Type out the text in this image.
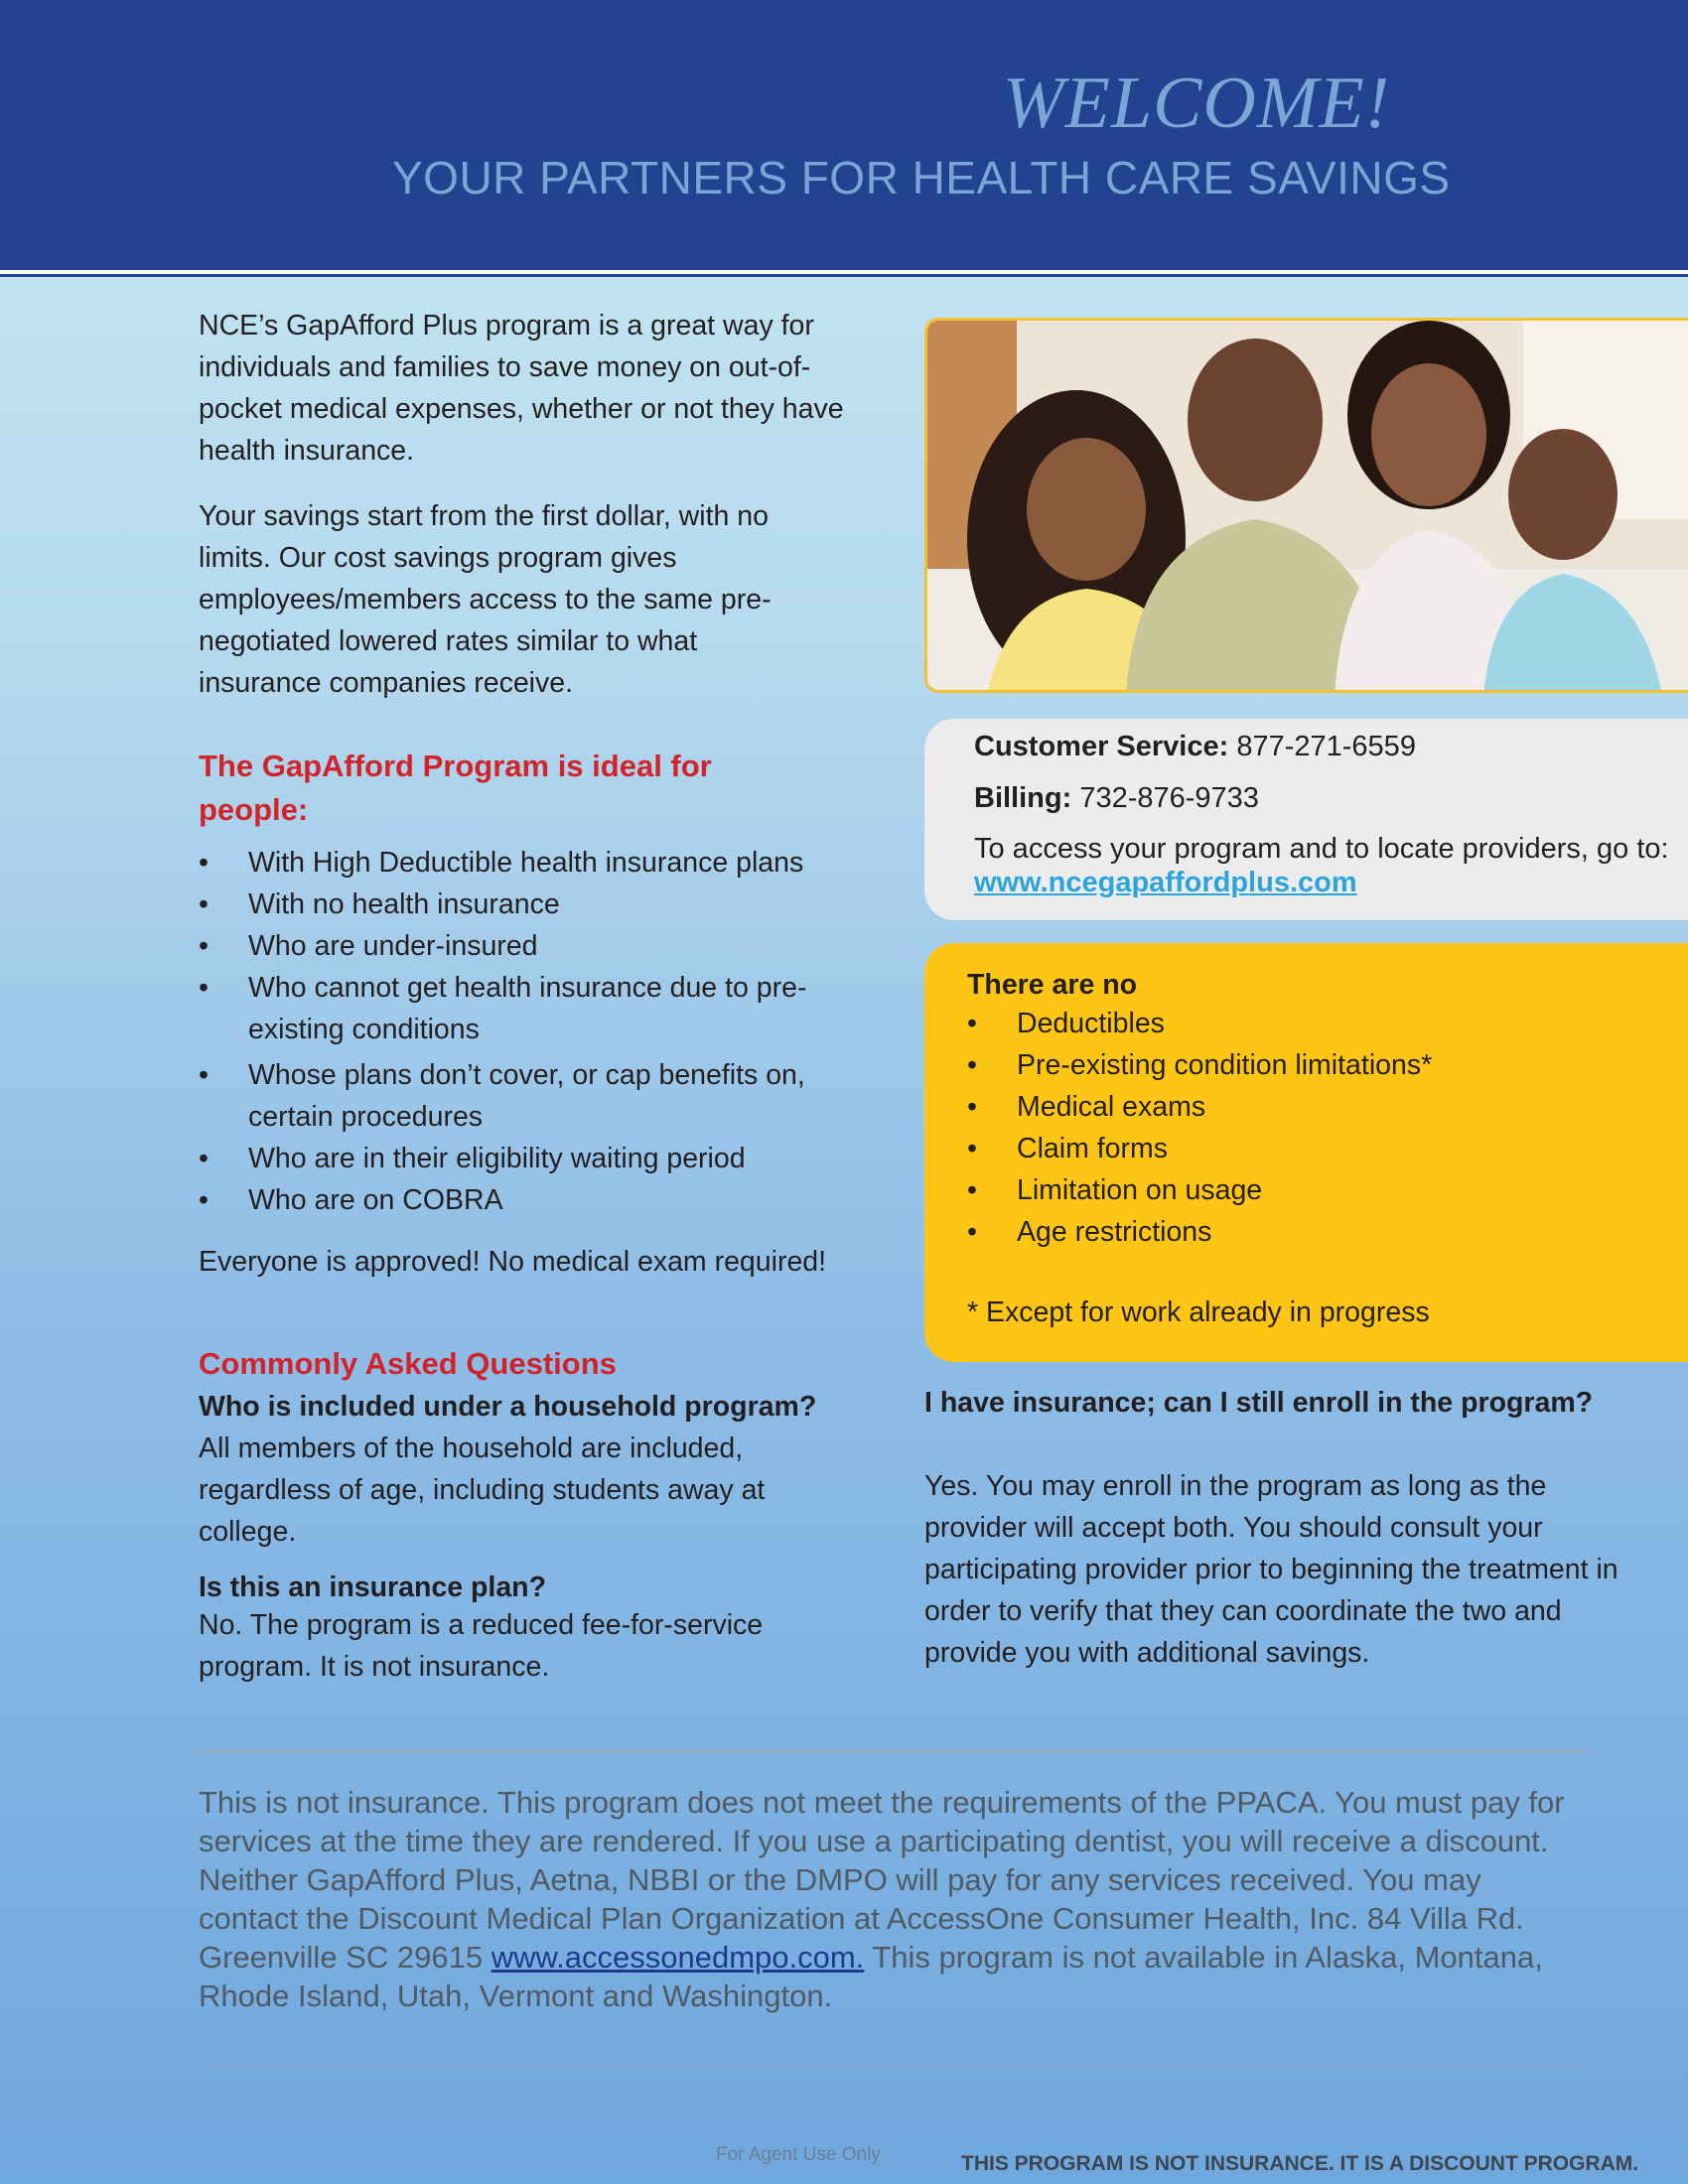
WELCOME!
YOUR PARTNERS FOR HEALTH CARE SAVINGS

NCE’s GapAfford Plus program is a great way for individuals and families to save money on out-of-pocket medical expenses, whether or not they have health insurance.

Your savings start from the first dollar, with no limits. Our cost savings program gives employees/members access to the same pre-negotiated lowered rates similar to what insurance companies receive.

The GapAfford Program is ideal for people:

• With High Deductible health insurance plans
• With no health insurance
• Who are under-insured
• Who cannot get health insurance due to pre-existing conditions
• Whose plans don’t cover, or cap benefits on, certain procedures
• Who are in their eligibility waiting period
• Who are on COBRA

Everyone is approved! No medical exam required!

Commonly Asked Questions

Who is included under a household program?

All members of the household are included, regardless of age, including students away at college.

Is this an insurance plan?

No. The program is a reduced fee-for-service program. It is not insurance.

I have insurance; can I still enroll in the program?

Yes. You may enroll in the program as long as the provider will accept both. You should consult your participating provider prior to beginning the treatment in order to verify that they can coordinate the two and provide you with additional savings.

Customer Service: 877-271-6559
Billing: 732-876-9733
To access your program and to locate providers, go to: www.ncegapaffordplus.com

There are no

• Deductibles
• Pre-existing condition limitations*
• Medical exams
• Claim forms
• Limitation on usage
• Age restrictions

* Except for work already in progress

This is not insurance. This program does not meet the requirements of the PPACA. You must pay for services at the time they are rendered. If you use a participating dentist, you will receive a discount. Neither GapAfford Plus, Aetna, NBBI or the DMPO will pay for any services received. You may contact the Discount Medical Plan Organization at AccessOne Consumer Health, Inc. 84 Villa Rd. Greenville SC 29615 www.accessonedmpo.com. This program is not available in Alaska, Montana, Rhode Island, Utah, Vermont and Washington.

For Agent Use Only	THIS PROGRAM IS NOT INSURANCE. IT IS A DISCOUNT PROGRAM.
